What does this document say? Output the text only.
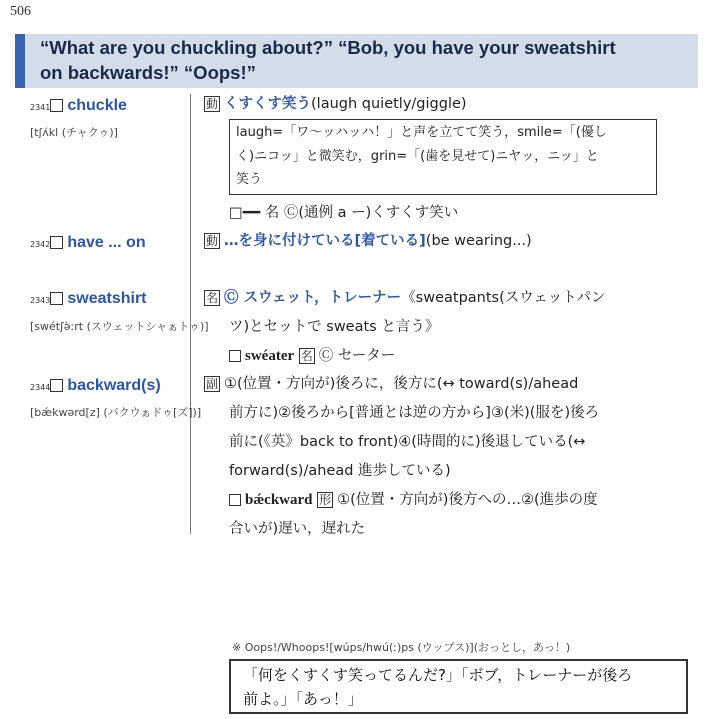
506
“What are you chuckling about?” “Bob, you have your sweatshirt
on backwards!” “Oops!”
2341 chuckle
[tʃʌ́kl (チャクゥ)]
動 くすくす笑う(laugh quietly/giggle)
laugh=「ワ〜ッハッハ！」と声を立てて笑う，smile=「(優し
く)ニコッ」と微笑む，grin=「(歯を見せて)ニヤッ，ニッ」と
笑う
□━━ 名 Ⓒ(通例 a ー)くすくす笑い
2342 have ... on	動 …を身に付けている[着ている](be wearing...)
2343 sweatshirt
[swétʃə̀ːrt (スウェットシャぁトゥ)]
名 Ⓒ スウェット，トレーナー《sweatpants(スウェットパン
ツ)とセットで sweats と言う》
swéater 名 Ⓒ セーター
2344 backward(s)
[bǽkwərd[z] (バクウぁドゥ[ズ])]
副 ①(位置・方向が)後ろに，後方に(↔ toward(s)/ahead
前方に)②後ろから[普通とは逆の方から]③(米)(服を)後ろ
前に(《英》back to front)④(時間的に)後退している(↔
forward(s)/ahead 進歩している)
bǽckward 形 ①(位置・方向が)後方への…②(進歩の度
合いが)遅い，遅れた
※ Oops!/Whoops![wúps/hwú(ː)ps (ウップス)](おっとし，あっ！)
「何をくすくす笑ってるんだ?」「ボブ，トレーナーが後ろ
前よ。」「あっ！」
